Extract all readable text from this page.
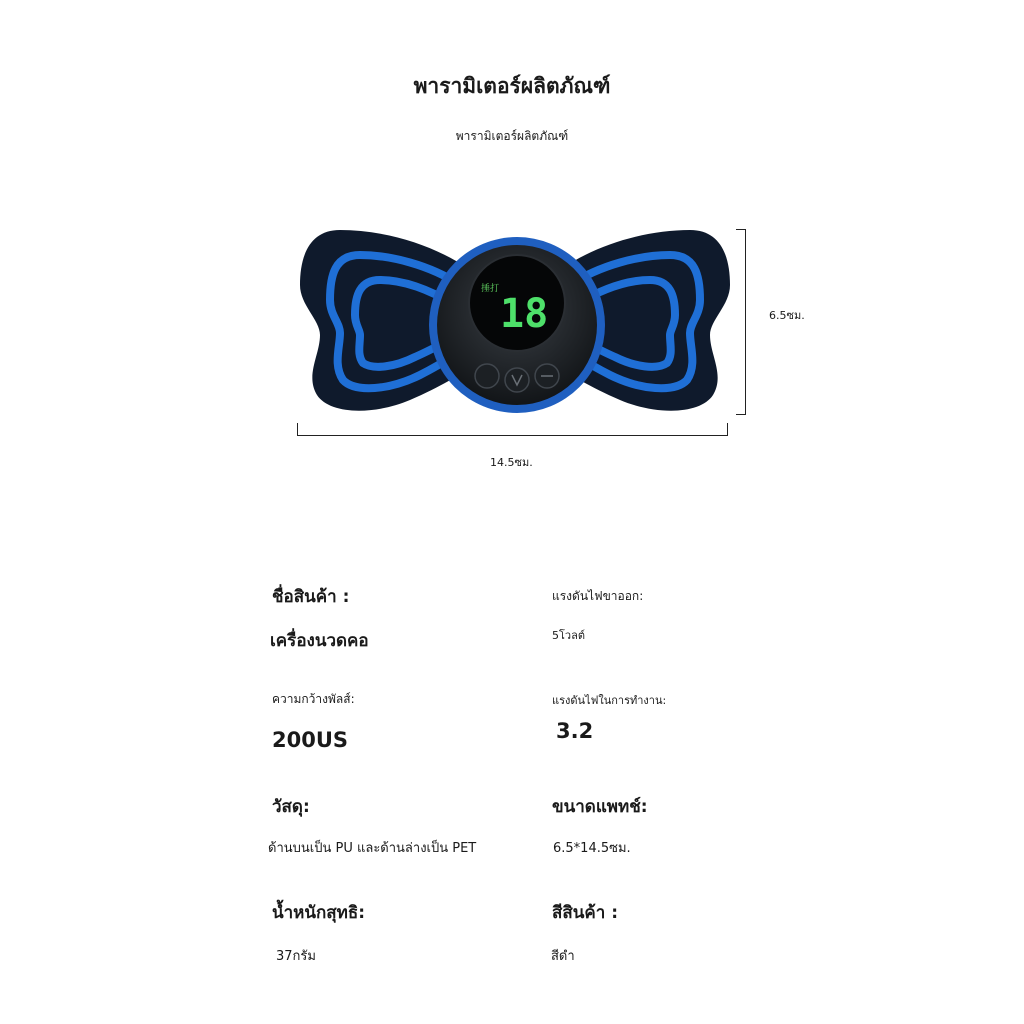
พารามิเตอร์ผลิตภัณฑ์
พารามิเตอร์ผลิตภัณฑ์
捶打
18	6.5ซม.
14.5ซม.
ชื่อสินค้า :
เครื่องนวดคอ
แรงดันไฟขาออก:
5โวลต์
ความกว้างพัลส์:
200US
แรงดันไฟในการทำงาน:
3.2
วัสดุ:
ด้านบนเป็น PU และด้านล่างเป็น PET
ขนาดแพทช์:
6.5*14.5ซม.
น้ำหนักสุทธิ:
37กรัม
สีสินค้า :
สีดำ
